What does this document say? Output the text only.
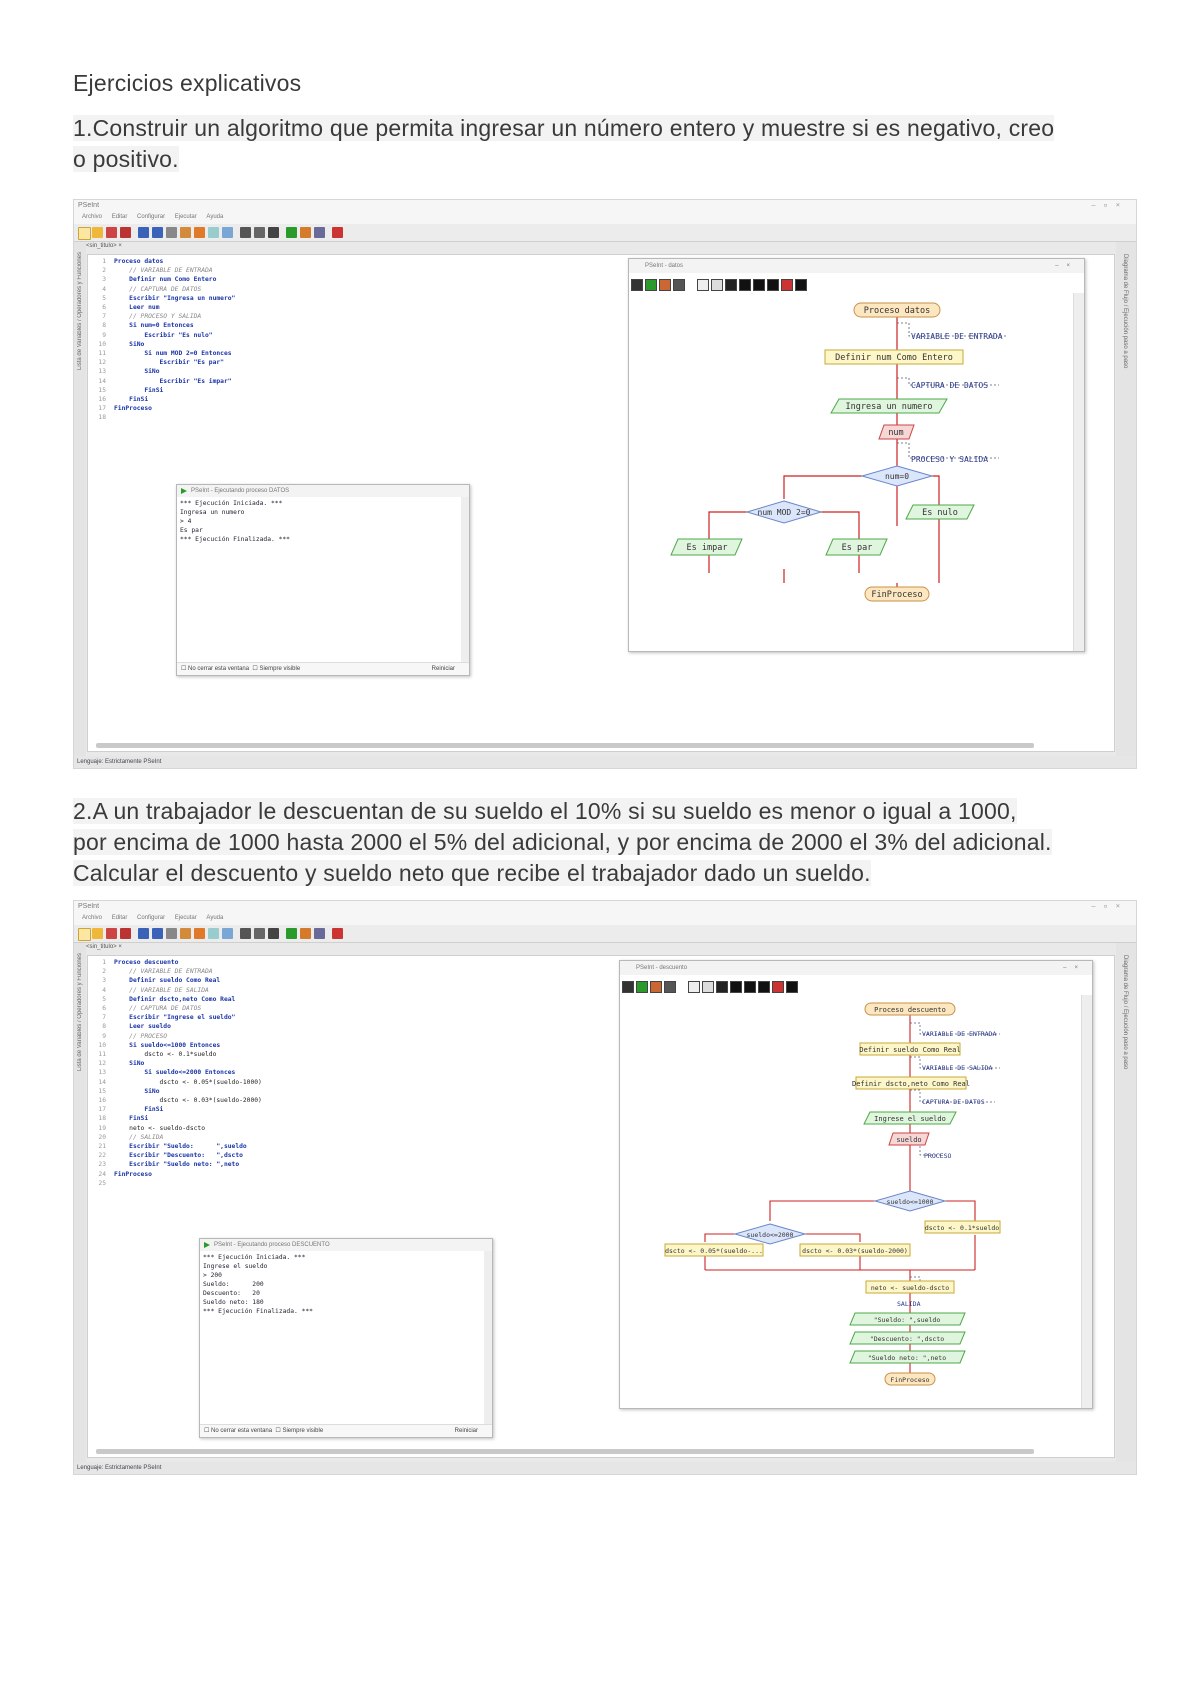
Ejercicios explicativos
1.Construir un algoritmo que permita ingresar un número entero y muestre si es negativo, creo
o positivo.
PSeInt	–▫×
Archivo Editar Configurar Ejecutar Ayuda
<sin_titulo> ×
Lista de Variables / Operadores y Funciones	Diagrama de Flujo / Ejecución paso a paso
1 Proceso datos
2    // VARIABLE DE ENTRADA
3    Definir num Como Entero
4    // CAPTURA DE DATOS
5    Escribir "Ingresa un numero"
6    Leer num
7    // PROCESO Y SALIDA
8    Si num=0 Entonces
9        Escribir "Es nulo"
10    SiNo
11        Si num MOD 2=0 Entonces
12            Escribir "Es par"
13        SiNo
14            Escribir "Es impar"
15        FinSi
16    FinSi
17 FinProceso
18
PSeInt - Ejecutando proceso DATOS
*** Ejecución Iniciada. ***
Ingresa un numero
> 4
Es par
*** Ejecución Finalizada. ***
☐ No cerrar esta ventana  ☐ Siempre visible	Reiniciar
PSeInt - datos	–×

Proceso datos
VARIABLE DE ENTRADA
Definir num Como Entero
CAPTURA DE DATOS
Ingresa un numero
num
PROCESO Y SALIDA
num=0
num MOD 2=0	Es nulo
Es impar	Es par
FinProceso
Lenguaje: Estrictamente PSeInt
2.A un trabajador le descuentan de su sueldo el 10% si su sueldo es menor o igual a 1000,
por encima de 1000 hasta 2000 el 5% del adicional, y por encima de 2000 el 3% del adicional.
Calcular el descuento y sueldo neto que recibe el trabajador dado un sueldo.
PSeInt	–▫×
Archivo Editar Configurar Ejecutar Ayuda
<sin_titulo> ×
Lista de Variables / Operadores y Funciones	Diagrama de Flujo / Ejecución paso a paso
1 Proceso descuento
2    // VARIABLE DE ENTRADA
3    Definir sueldo Como Real
4    // VARIABLE DE SALIDA
5    Definir dscto,neto Como Real
6    // CAPTURA DE DATOS
7    Escribir "Ingrese el sueldo"
8    Leer sueldo
9    // PROCESO
10    Si sueldo<=1000 Entonces
11        dscto <- 0.1*sueldo
12    SiNo
13        Si sueldo<=2000 Entonces
14            dscto <- 0.05*(sueldo-1000)
15        SiNo
16            dscto <- 0.03*(sueldo-2000)
17        FinSi
18    FinSi
19    neto <- sueldo-dscto
20    // SALIDA
21    Escribir "Sueldo:      ",sueldo
22    Escribir "Descuento:   ",dscto
23    Escribir "Sueldo neto: ",neto
24 FinProceso
25
PSeInt - Ejecutando proceso DESCUENTO
*** Ejecución Iniciada. ***
Ingrese el sueldo
> 200
Sueldo:      200
Descuento:   20
Sueldo neto: 180
*** Ejecución Finalizada. ***
☐ No cerrar esta ventana  ☐ Siempre visible	Reiniciar
PSeInt - descuento	–×

Proceso descuento
VARIABLE DE ENTRADA
Definir sueldo Como Real
VARIABLE DE SALIDA
Definir dscto,neto Como Real
CAPTURA DE DATOS
Ingrese el sueldo
sueldo
PROCESO
sueldo<=1000
sueldo<=2000
dscto <- 0.1*sueldo
dscto <- 0.05*(sueldo-...	dscto <- 0.03*(sueldo-2000)
neto <- sueldo-dscto
SALIDA
"Sueldo: ",sueldo
"Descuento: ",dscto
"Sueldo neto: ",neto
FinProceso
Lenguaje: Estrictamente PSeInt
